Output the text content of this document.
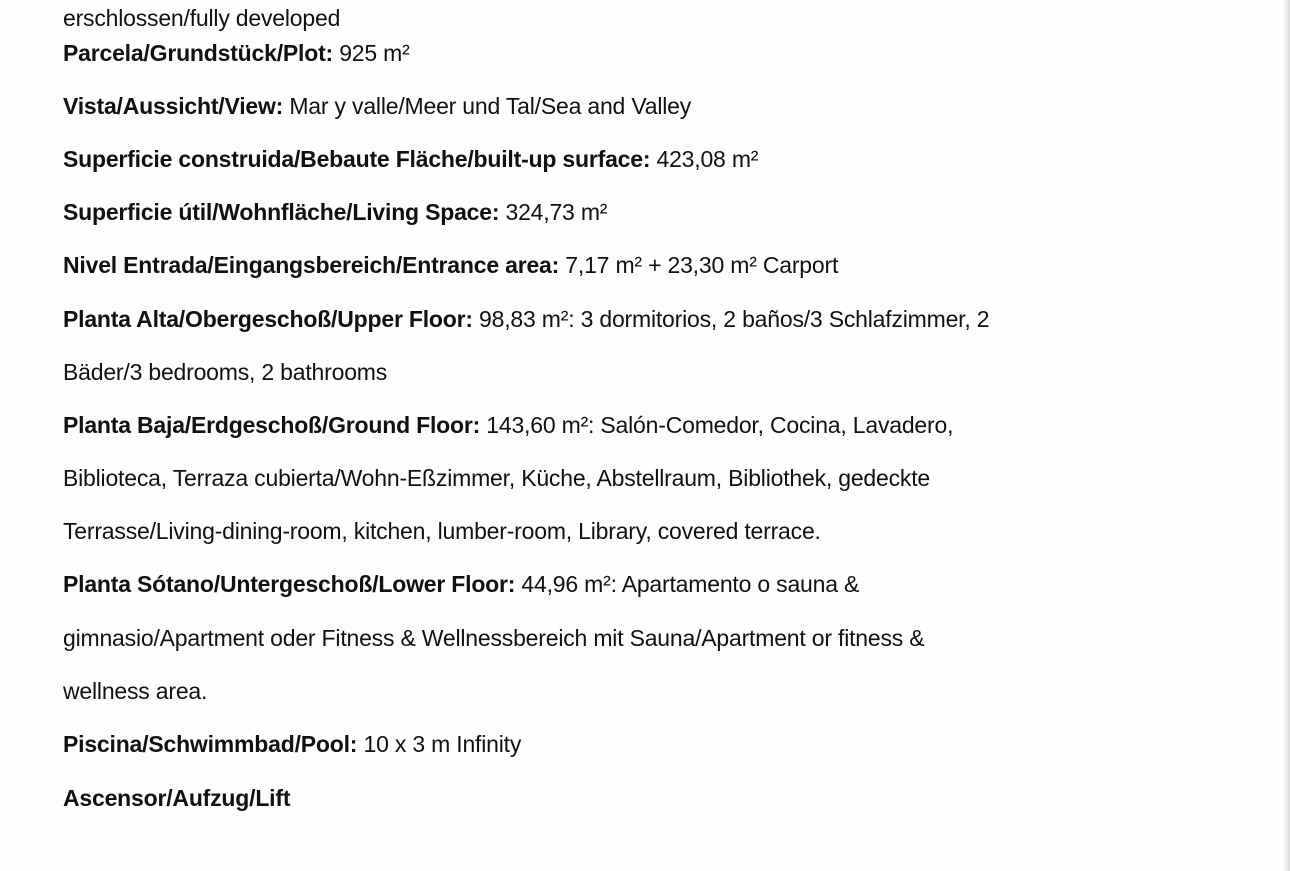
erschlossen/fully developed
Parcela/Grundstück/Plot: 925 m²
Vista/Aussicht/View: Mar y valle/Meer und Tal/Sea and Valley
Superficie construida/Bebaute Fläche/built-up surface: 423,08 m²
Superficie útil/Wohnfläche/Living Space: 324,73 m²
Nivel Entrada/Eingangsbereich/Entrance area: 7,17 m² + 23,30 m² Carport
Planta Alta/Obergeschoß/Upper Floor: 98,83 m²: 3 dormitorios, 2 baños/3 Schlafzimmer, 2
Bäder/3 bedrooms, 2 bathrooms
Planta Baja/Erdgeschoß/Ground Floor: 143,60 m²: Salón-Comedor, Cocina, Lavadero,
Biblioteca, Terraza cubierta/Wohn-Eßzimmer, Küche, Abstellraum, Bibliothek, gedeckte
Terrasse/Living-dining-room, kitchen, lumber-room, Library, covered terrace.
Planta Sótano/Untergeschoß/Lower Floor: 44,96 m²: Apartamento o sauna &
gimnasio/Apartment oder Fitness & Wellnessbereich mit Sauna/Apartment or fitness &
wellness area.
Piscina/Schwimmbad/Pool: 10 x 3 m Infinity
Ascensor/Aufzug/Lift
